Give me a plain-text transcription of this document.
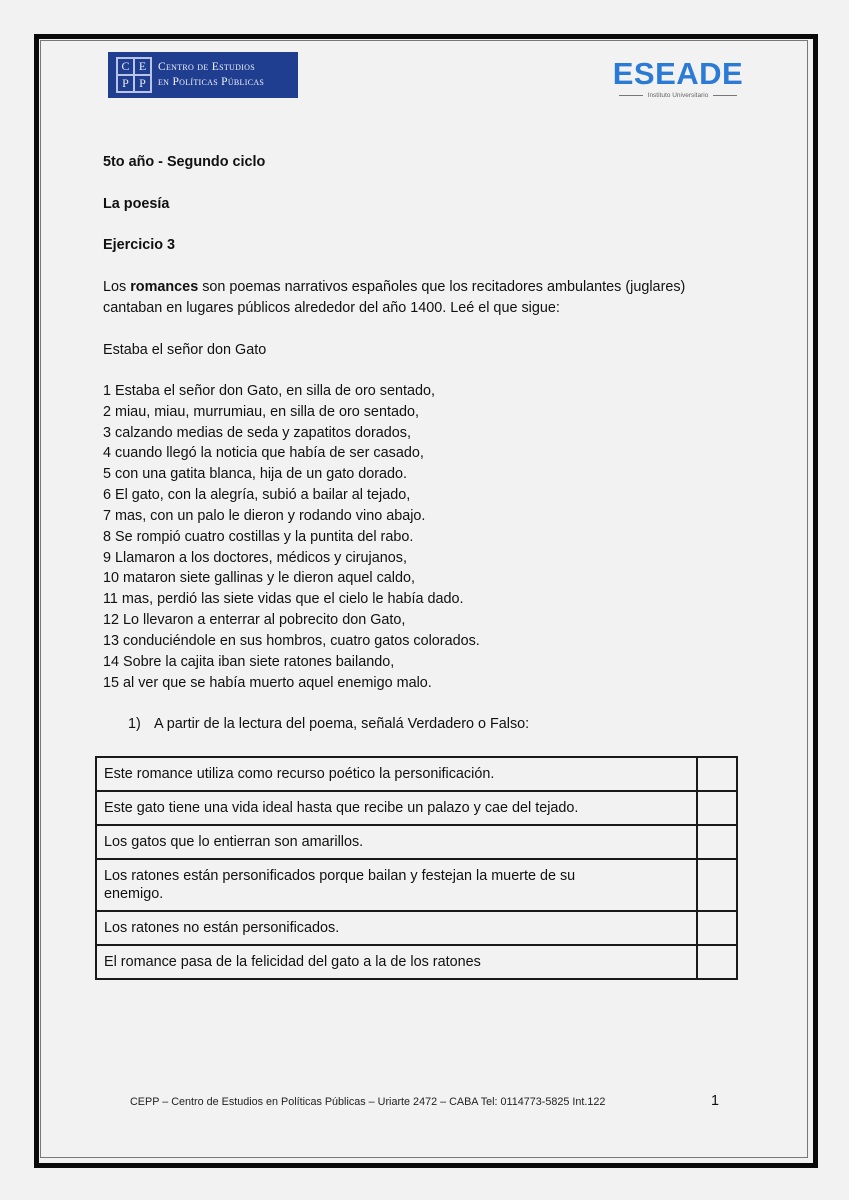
C E
P P
Centro de Estudios
en Políticas Públicas	ESEADE
Instituto Universitario
5to año - Segundo ciclo
La poesía
Ejercicio 3
Los romances son poemas narrativos españoles que los recitadores ambulantes (juglares)
cantaban en lugares públicos alrededor del año 1400. Leé el que sigue:
Estaba el señor don Gato
1 Estaba el señor don Gato, en silla de oro sentado,
2 miau, miau, murrumiau, en silla de oro sentado,
3 calzando medias de seda y zapatitos dorados,
4 cuando llegó la noticia que había de ser casado,
5 con una gatita blanca, hija de un gato dorado.
6 El gato, con la alegría, subió a bailar al tejado,
7 mas, con un palo le dieron y rodando vino abajo.
8 Se rompió cuatro costillas y la puntita del rabo.
9 Llamaron a los doctores, médicos y cirujanos,
10 mataron siete gallinas y le dieron aquel caldo,
11 mas, perdió las siete vidas que el cielo le había dado.
12 Lo llevaron a enterrar al pobrecito don Gato,
13 conduciéndole en sus hombros, cuatro gatos colorados.
14 Sobre la cajita iban siete ratones bailando,
15 al ver que se había muerto aquel enemigo malo.
1) A partir de la lectura del poema, señalá Verdadero o Falso:
Este romance utiliza como recurso poético la personificación.	
Este gato tiene una vida ideal hasta que recibe un palazo y cae del tejado.	
Los gatos que lo entierran son amarillos.	
Los ratones están personificados porque bailan y festejan la muerte de su enemigo.	
Los ratones no están personificados.	
El romance pasa de la felicidad del gato a la de los ratones	
CEPP – Centro de Estudios en Políticas Públicas – Uriarte 2472 – CABA Tel: 0114773-5825 Int.122	1
